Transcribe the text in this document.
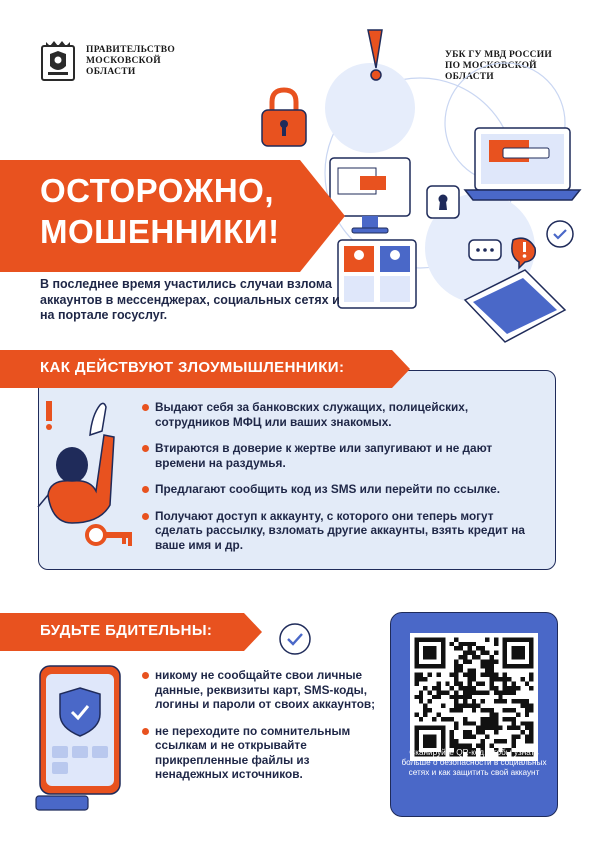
ПРАВИТЕЛЬСТВО
МОСКОВСКОЙ
ОБЛАСТИ
УБК ГУ МВД РОССИИ
ПО МОСКОВСКОЙ
ОБЛАСТИ
ОСТОРОЖНО,
МОШЕННИКИ!
В последнее время участились случаи взлома аккаунтов в мессенджерах, социальных сетях и на портале госуслуг.
КАК ДЕЙСТВУЮТ ЗЛОУМЫШЛЕННИКИ:
Выдают себя за банковских служащих, полицейских, сотрудников МФЦ или ваших знакомых.
Втираются в доверие к жертве или запугивают и не дают времени на раздумья.
Предлагают сообщить код из SMS или перейти по ссылке.
Получают доступ к аккаунту, с которого они теперь могут сделать рассылку, взломать другие аккаунты, взять кредит на ваше имя и др.
БУДЬТЕ БДИТЕЛЬНЫ:
никому не сообщайте свои личные данные, реквизиты карт, SMS-коды, логины и пароли от своих аккаунтов;
не переходите по сомнительным ссылкам и не открывайте прикрепленные файлы из ненадежных источников.
Сканируйте QR-код, чтобы узнать больше о безопасности в социальных сетях и как защитить свой аккаунт
